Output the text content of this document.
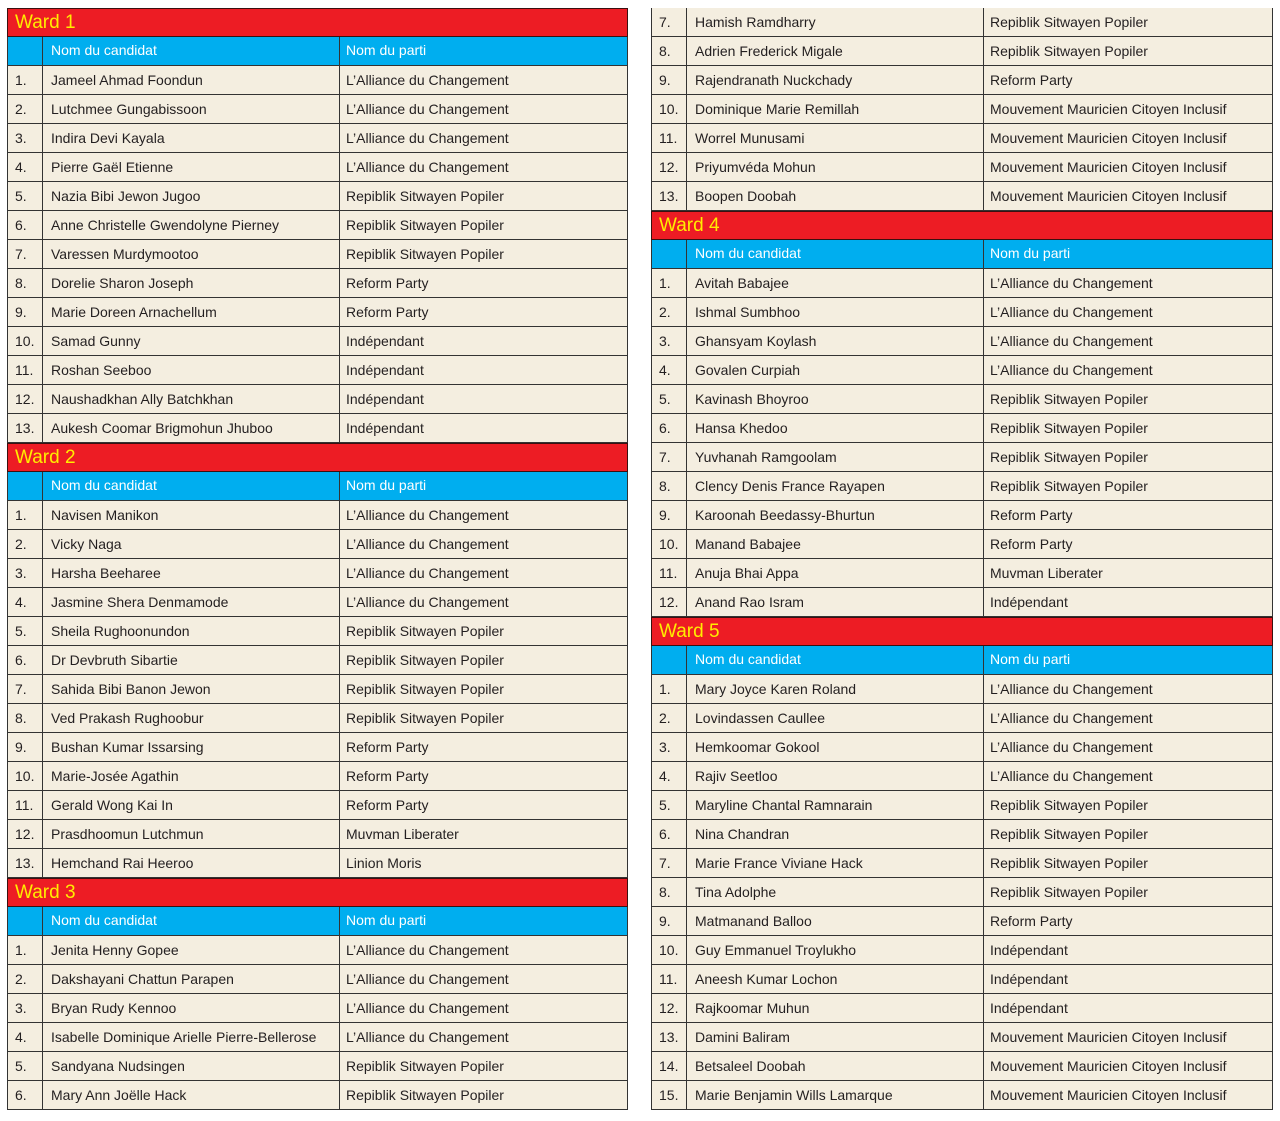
Ward 1
Nom du candidat	Nom du parti
1.	Jameel Ahmad Foondun	L’Alliance du Changement
2.	Lutchmee Gungabissoon	L’Alliance du Changement
3.	Indira Devi Kayala	L’Alliance du Changement
4.	Pierre Gaël Etienne	L’Alliance du Changement
5.	Nazia Bibi Jewon Jugoo	Repiblik Sitwayen Popiler
6.	Anne Christelle Gwendolyne Pierney	Repiblik Sitwayen Popiler
7.	Varessen Murdymootoo	Repiblik Sitwayen Popiler
8.	Dorelie Sharon Joseph	Reform Party
9.	Marie Doreen Arnachellum	Reform Party
10.	Samad Gunny	Indépendant
11.	Roshan Seeboo	Indépendant
12.	Naushadkhan Ally Batchkhan	Indépendant
13.	Aukesh Coomar Brigmohun Jhuboo	Indépendant
Ward 2
Nom du candidat	Nom du parti
1.	Navisen Manikon	L’Alliance du Changement
2.	Vicky Naga	L’Alliance du Changement
3.	Harsha Beeharee	L’Alliance du Changement
4.	Jasmine Shera Denmamode	L’Alliance du Changement
5.	Sheila Rughoonundon	Repiblik Sitwayen Popiler
6.	Dr Devbruth Sibartie	Repiblik Sitwayen Popiler
7.	Sahida Bibi Banon Jewon	Repiblik Sitwayen Popiler
8.	Ved Prakash Rughoobur	Repiblik Sitwayen Popiler
9.	Bushan Kumar Issarsing	Reform Party
10.	Marie-Josée Agathin	Reform Party
11.	Gerald Wong Kai In	Reform Party
12.	Prasdhoomun Lutchmun	Muvman Liberater
13.	Hemchand Rai Heeroo	Linion Moris
Ward 3
Nom du candidat	Nom du parti
1.	Jenita Henny Gopee	L’Alliance du Changement
2.	Dakshayani Chattun Parapen	L’Alliance du Changement
3.	Bryan Rudy Kennoo	L’Alliance du Changement
4.	Isabelle Dominique Arielle Pierre-Bellerose	L’Alliance du Changement
5.	Sandyana Nudsingen	Repiblik Sitwayen Popiler
6.	Mary Ann Joëlle Hack	Repiblik Sitwayen Popiler
7.	Hamish Ramdharry	Repiblik Sitwayen Popiler
8.	Adrien Frederick Migale	Repiblik Sitwayen Popiler
9.	Rajendranath Nuckchady	Reform Party
10.	Dominique Marie Remillah	Mouvement Mauricien Citoyen Inclusif
11.	Worrel Munusami	Mouvement Mauricien Citoyen Inclusif
12.	Priyumvéda Mohun	Mouvement Mauricien Citoyen Inclusif
13.	Boopen Doobah	Mouvement Mauricien Citoyen Inclusif
Ward 4
Nom du candidat	Nom du parti
1.	Avitah Babajee	L’Alliance du Changement
2.	Ishmal Sumbhoo	L’Alliance du Changement
3.	Ghansyam Koylash	L’Alliance du Changement
4.	Govalen Curpiah	L’Alliance du Changement
5.	Kavinash Bhoyroo	Repiblik Sitwayen Popiler
6.	Hansa Khedoo	Repiblik Sitwayen Popiler
7.	Yuvhanah Ramgoolam	Repiblik Sitwayen Popiler
8.	Clency Denis France Rayapen	Repiblik Sitwayen Popiler
9.	Karoonah Beedassy-Bhurtun	Reform Party
10.	Manand Babajee	Reform Party
11.	Anuja Bhai Appa	Muvman Liberater
12.	Anand Rao Isram	Indépendant
Ward 5
Nom du candidat	Nom du parti
1.	Mary Joyce Karen Roland	L’Alliance du Changement
2.	Lovindassen Caullee	L’Alliance du Changement
3.	Hemkoomar Gokool	L’Alliance du Changement
4.	Rajiv Seetloo	L’Alliance du Changement
5.	Maryline Chantal Ramnarain	Repiblik Sitwayen Popiler
6.	Nina Chandran	Repiblik Sitwayen Popiler
7.	Marie France Viviane Hack	Repiblik Sitwayen Popiler
8.	Tina Adolphe	Repiblik Sitwayen Popiler
9.	Matmanand Balloo	Reform Party
10.	Guy Emmanuel Troylukho	Indépendant
11.	Aneesh Kumar Lochon	Indépendant
12.	Rajkoomar Muhun	Indépendant
13.	Damini Baliram	Mouvement Mauricien Citoyen Inclusif
14.	Betsaleel Doobah	Mouvement Mauricien Citoyen Inclusif
15.	Marie Benjamin Wills Lamarque	Mouvement Mauricien Citoyen Inclusif
